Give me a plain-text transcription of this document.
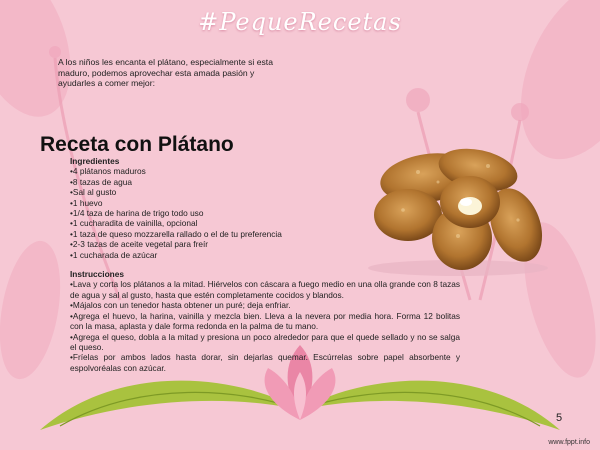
#PequeRecetas

A los niños les encanta el plátano, especialmente si esta maduro, podemos aprovechar esta amada pasión y ayudarles a comer mejor:

Receta con Plátano
Ingredientes

•4 plátanos maduros

•8 tazas de agua

•Sal al gusto

•1 huevo

•1/4 taza de harina de trigo todo uso

•1 cucharadita de vainilla, opcional

•1 taza de queso mozzarella rallado o el de tu preferencia

•2-3 tazas de aceite vegetal para freír

•1 cucharada de azúcar

Instrucciones

•Lava y corta los plátanos a la mitad. Hiérvelos con cáscara a fuego medio en una olla grande con 8 tazas de agua y sal al gusto, hasta que estén completamente cocidos y blandos.

•Májalos con un tenedor hasta obtener un puré; deja enfriar.

•Agrega el huevo, la harina, vainilla y mezcla bien. Lleva a la nevera por media hora. Forma 12 bolitas con la masa, aplasta y dale forma redonda en la palma de tu mano.

•Agrega el queso, dobla a la mitad y presiona un poco alrededor para que el quede sellado y no se salga el queso.

•Fríelas por ambos lados hasta dorar, sin dejarlas quemar. Escúrrelas sobre papel absorbente y espolvoréalas con azúcar.

5
www.fppt.info
